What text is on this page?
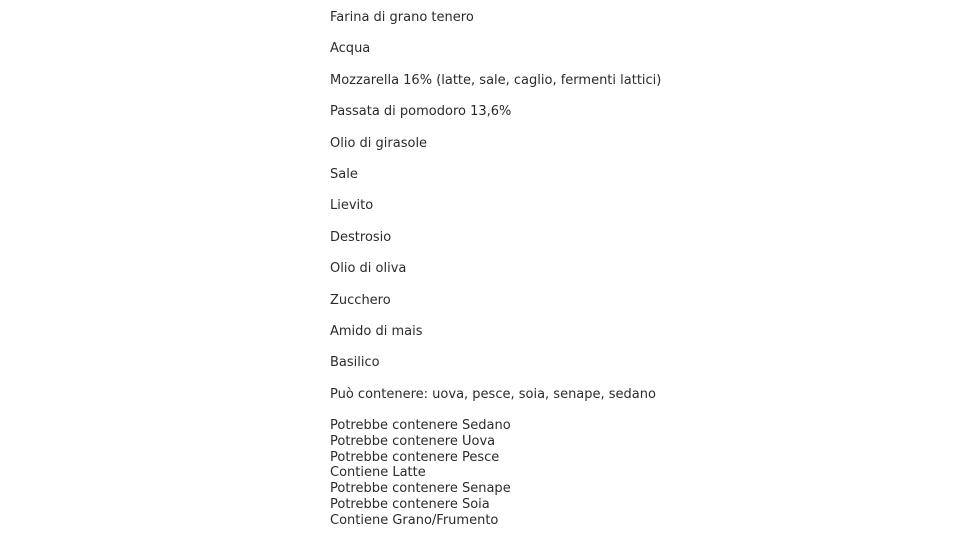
Farina di grano tenero
Acqua
Mozzarella 16% (latte, sale, caglio, fermenti lattici)
Passata di pomodoro 13,6%
Olio di girasole
Sale
Lievito
Destrosio
Olio di oliva
Zucchero
Amido di mais
Basilico
Può contenere: uova, pesce, soia, senape, sedano
Potrebbe contenere Sedano
Potrebbe contenere Uova
Potrebbe contenere Pesce
Contiene Latte
Potrebbe contenere Senape
Potrebbe contenere Soia
Contiene Grano/Frumento
